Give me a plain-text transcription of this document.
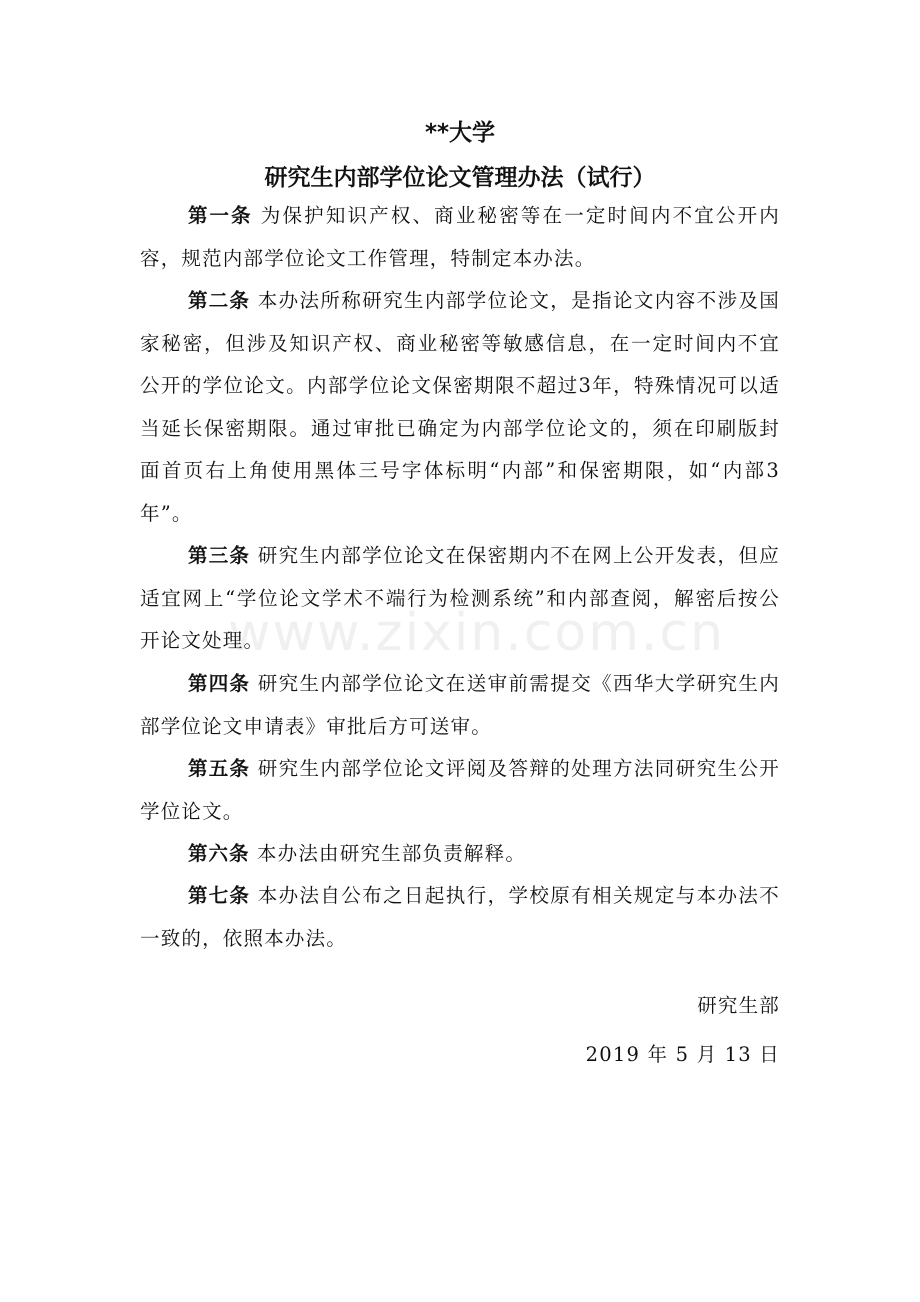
**大学
研究生内部学位论文管理办法（试行）
第一条 为保护知识产权、商业秘密等在一定时间内不宜公开内容，规范内部学位论文工作管理，特制定本办法。
第二条 本办法所称研究生内部学位论文，是指论文内容不涉及国家秘密，但涉及知识产权、商业秘密等敏感信息，在一定时间内不宜公开的学位论文。内部学位论文保密期限不超过3年，特殊情况可以适当延长保密期限。通过审批已确定为内部学位论文的，须在印刷版封面首页右上角使用黑体三号字体标明“内部”和保密期限，如“内部3年”。
第三条 研究生内部学位论文在保密期内不在网上公开发表，但应适宜网上“学位论文学术不端行为检测系统”和内部查阅，解密后按公开论文处理。
第四条 研究生内部学位论文在送审前需提交《西华大学研究生内部学位论文申请表》审批后方可送审。
第五条 研究生内部学位论文评阅及答辩的处理方法同研究生公开学位论文。
第六条 本办法由研究生部负责解释。
第七条 本办法自公布之日起执行，学校原有相关规定与本办法不一致的，依照本办法。
研究生部
2019 年 5 月 13 日
www.zixin.com.cn
